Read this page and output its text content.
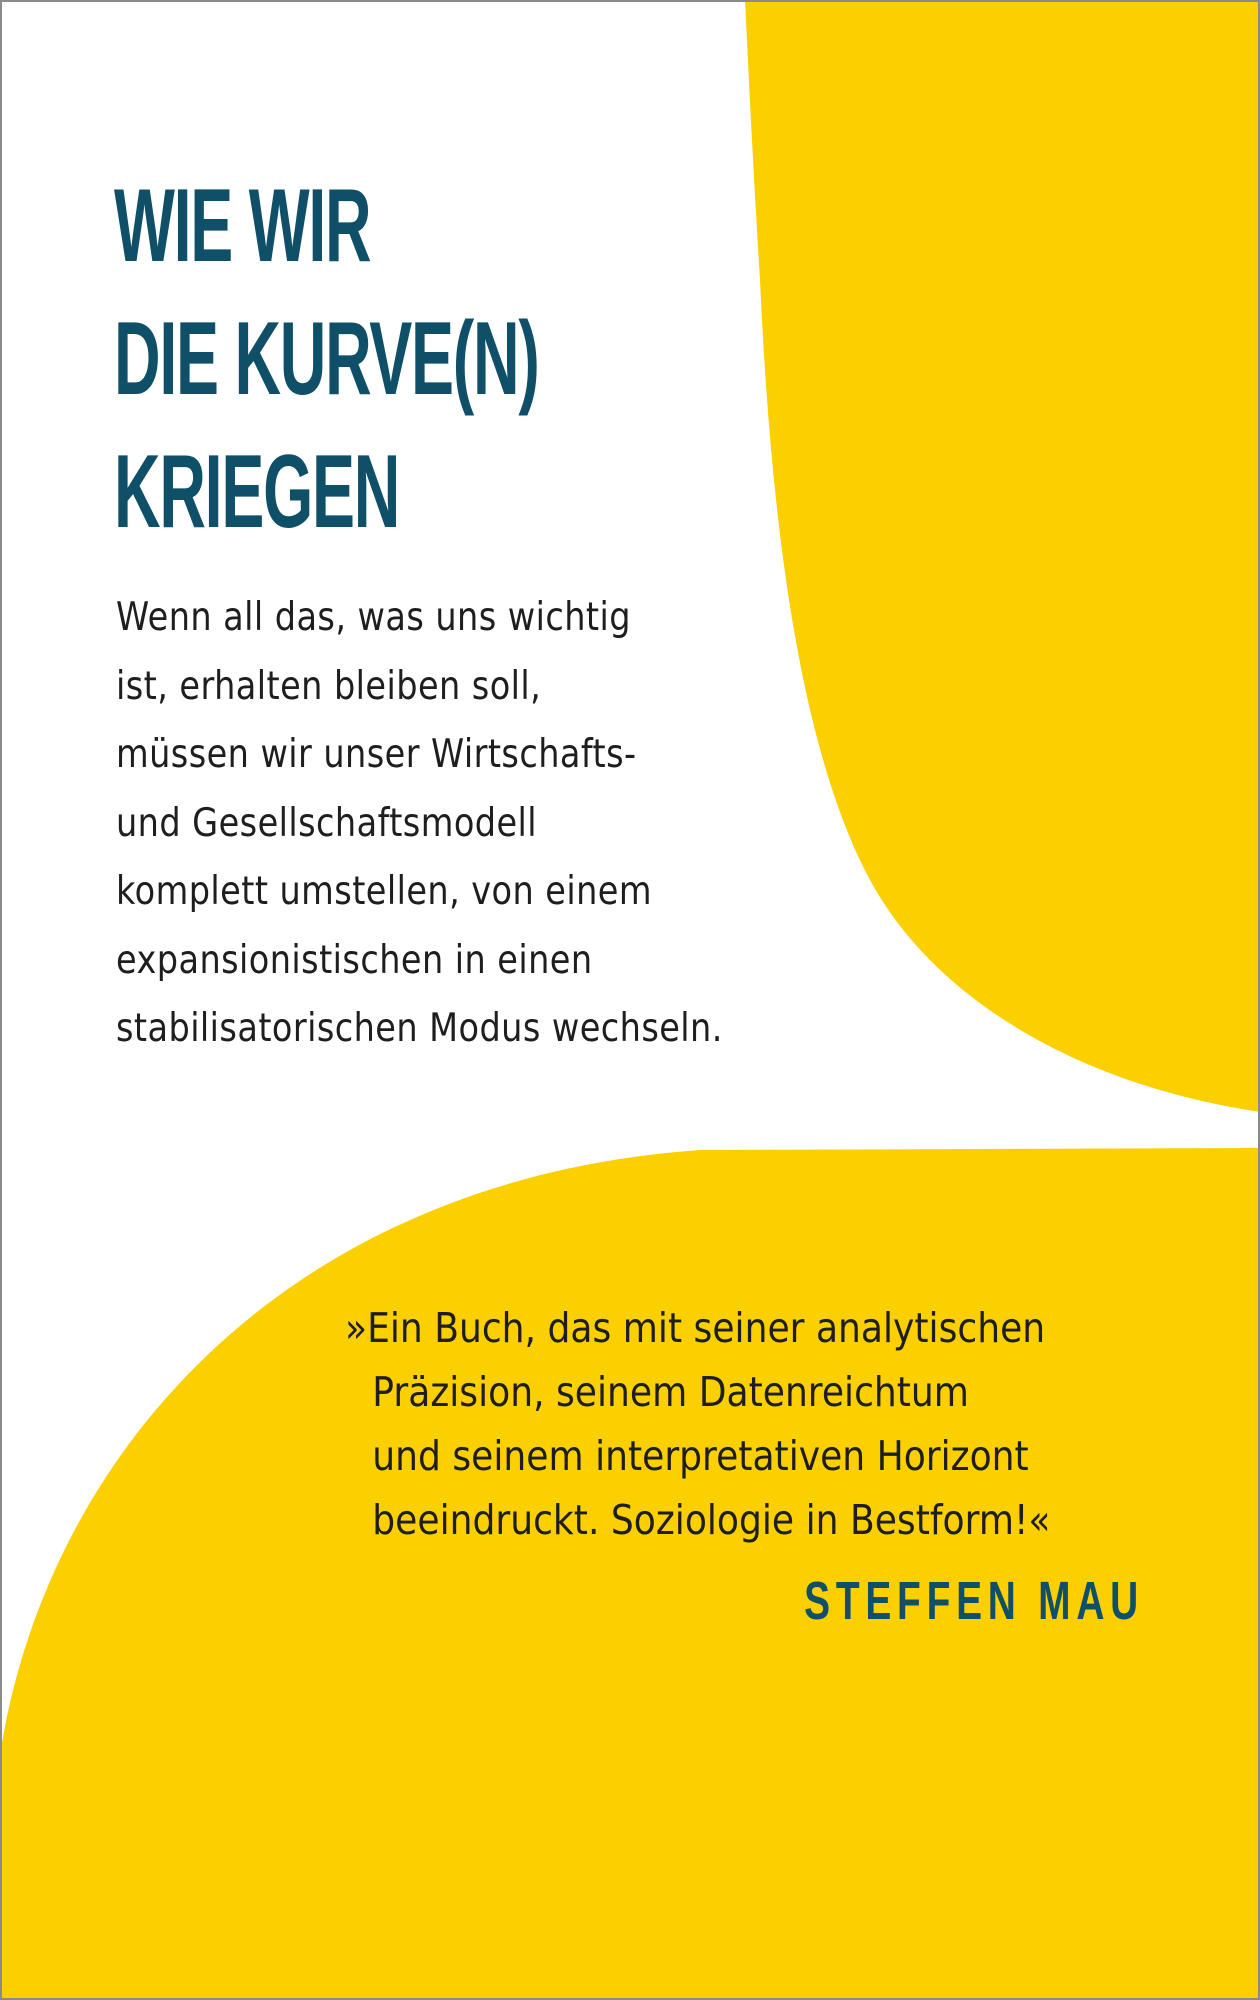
WIE WIR
DIE KURVE(N)
KRIEGEN

Wenn all das, was uns wichtig
ist, erhalten bleiben soll,
müssen wir unser Wirtschafts-
und Gesellschaftsmodell
komplett umstellen, von einem
expansionistischen in einen
stabilisatorischen Modus wechseln.

»Ein Buch, das mit seiner analytischen
Präzision, seinem Datenreichtum
und seinem interpretativen Horizont
beeindruckt. Soziologie in Bestform!«

STEFFEN MAU
